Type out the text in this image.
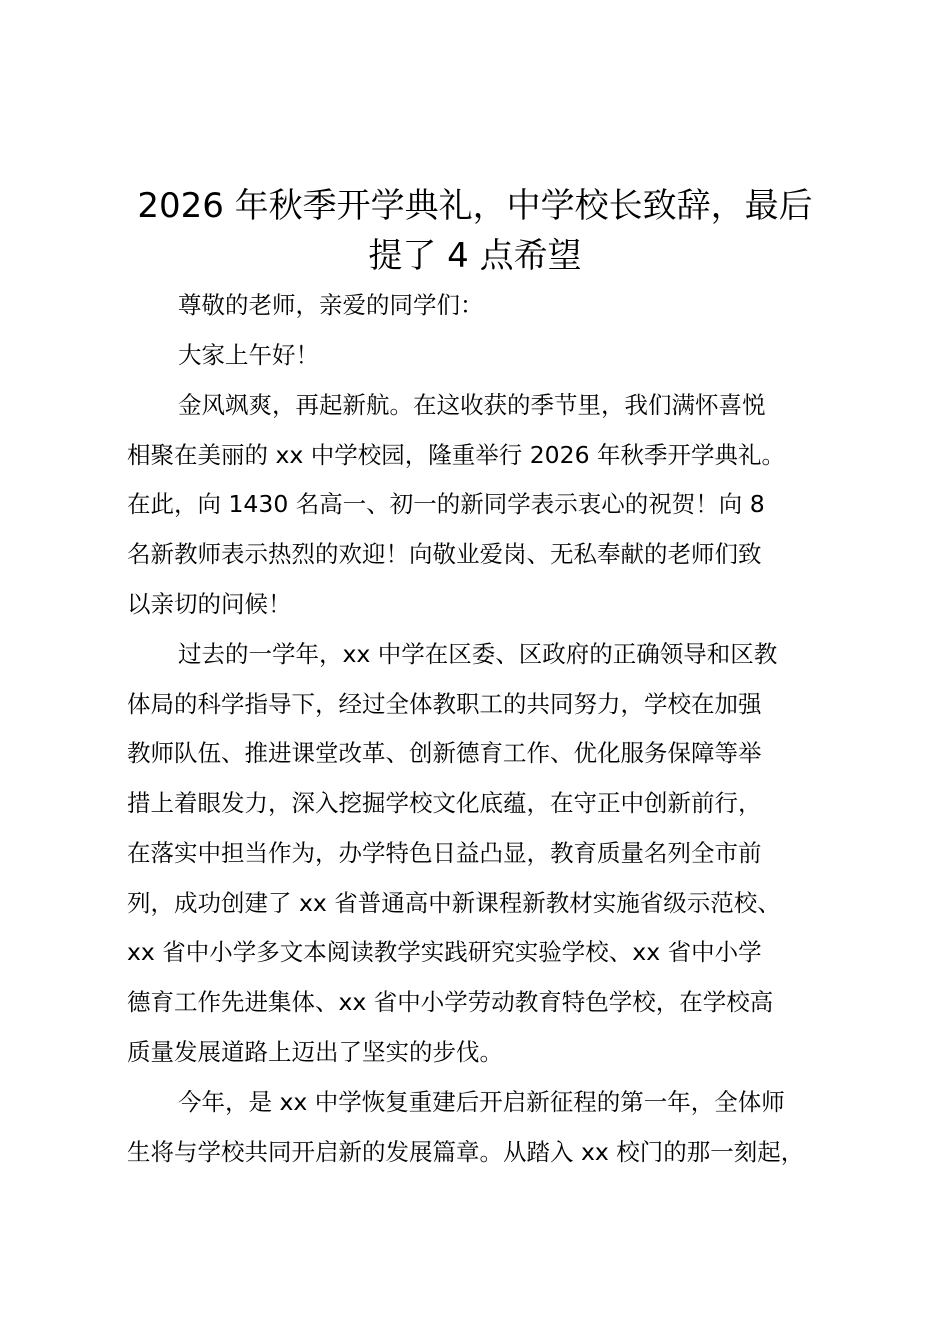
2026 年秋季开学典礼，中学校长致辞，最后
提了 4 点希望
尊敬的老师，亲爱的同学们：
大家上午好！
金风飒爽，再起新航。在这收获的季节里，我们满怀喜悦
相聚在美丽的 xx 中学校园，隆重举行 2026 年秋季开学典礼。
在此，向 1430 名高一、初一的新同学表示衷心的祝贺！向 8
名新教师表示热烈的欢迎！向敬业爱岗、无私奉献的老师们致
以亲切的问候！
过去的一学年，xx 中学在区委、区政府的正确领导和区教
体局的科学指导下，经过全体教职工的共同努力，学校在加强
教师队伍、推进课堂改革、创新德育工作、优化服务保障等举
措上着眼发力，深入挖掘学校文化底蕴，在守正中创新前行，
在落实中担当作为，办学特色日益凸显，教育质量名列全市前
列，成功创建了 xx 省普通高中新课程新教材实施省级示范校、
xx 省中小学多文本阅读教学实践研究实验学校、xx 省中小学
德育工作先进集体、xx 省中小学劳动教育特色学校，在学校高
质量发展道路上迈出了坚实的步伐。
今年，是 xx 中学恢复重建后开启新征程的第一年，全体师
生将与学校共同开启新的发展篇章。从踏入 xx 校门的那一刻起，
